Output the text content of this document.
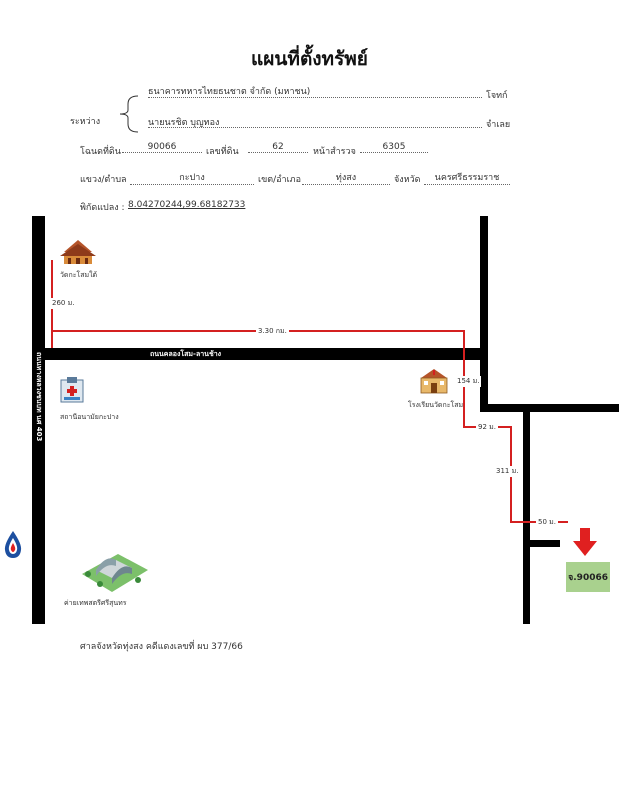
แผนที่ตั้งทรัพย์
ระหว่าง
ธนาคารทหารไทยธนชาต จำกัด (มหาชน)	โจทก์
นายนรชิต บุญทอง	จำเลย
โฉนดที่ดิน	90066	เลขที่ดิน	62	หน้าสำรวจ	6305
แขวง/ตำบล	กะปาง	เขต/อำเภอ	ทุ่งสง	จังหวัด	นครศรีธรรมราช
พิกัดแปลง : 8.04270244,99.68182733
ถนนคลองโสม-ลานช้าง
ถนนทางหลวงชนบท นศ 403
260 ม.
3.30 กม.
154 ม.
92 ม.
311 ม.
50 ม.
วัดกะโสมใต้
สถานีอนามัยกะปาง
โรงเรียนวัดกะโสม
ค่ายเทพสตรีศรีสุนทร
จ.90066
ศาลจังหวัดทุ่งสง คดีแดงเลขที่ ผบ 377/66
